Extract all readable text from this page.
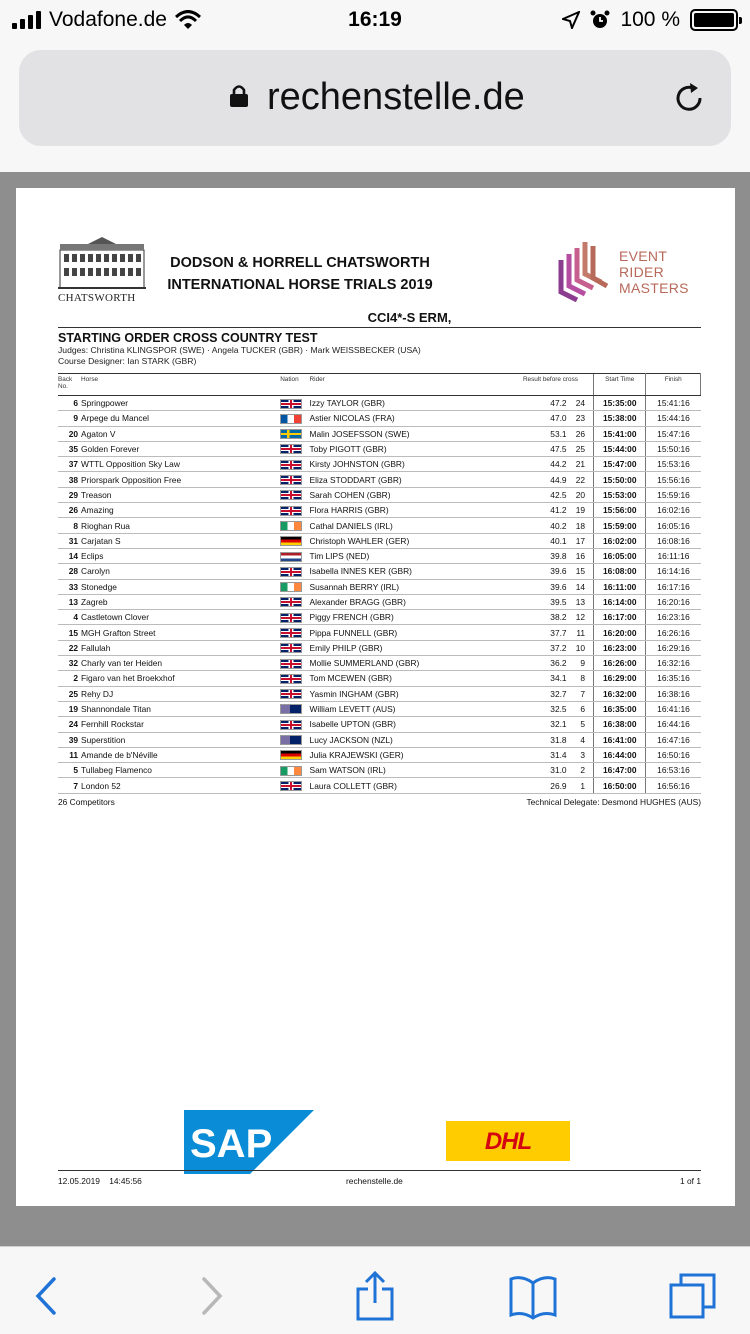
Vodafone.de	16:19	100 %
rechenstelle.de
CHATSWORTH
DODSON & HORRELL CHATSWORTH
INTERNATIONAL HORSE TRIALS 2019
EVENT
RIDER
MASTERS
CCI4*-S ERM,
STARTING ORDER CROSS COUNTRY TEST
Judges: Christina KLINGSPOR (SWE) · Angela TUCKER (GBR) · Mark WEISSBECKER (USA)
Course Designer: Ian STARK (GBR)
Back No.	Horse	Nation	Rider	Result before cross		Start Time	Finish
6	Springpower		Izzy TAYLOR (GBR)	47.2	24	15:35:00	15:41:16
9	Arpege du Mancel		Astier NICOLAS (FRA)	47.0	23	15:38:00	15:44:16
20	Agaton V		Malin JOSEFSSON (SWE)	53.1	26	15:41:00	15:47:16
35	Golden Forever		Toby PIGOTT (GBR)	47.5	25	15:44:00	15:50:16
37	WTTL Opposition Sky Law		Kirsty JOHNSTON (GBR)	44.2	21	15:47:00	15:53:16
38	Priorspark Opposition Free		Eliza STODDART (GBR)	44.9	22	15:50:00	15:56:16
29	Treason		Sarah COHEN (GBR)	42.5	20	15:53:00	15:59:16
26	Amazing		Flora HARRIS (GBR)	41.2	19	15:56:00	16:02:16
8	Rioghan Rua		Cathal DANIELS (IRL)	40.2	18	15:59:00	16:05:16
31	Carjatan S		Christoph WAHLER (GER)	40.1	17	16:02:00	16:08:16
14	Eclips		Tim LIPS (NED)	39.8	16	16:05:00	16:11:16
28	Carolyn		Isabella INNES KER (GBR)	39.6	15	16:08:00	16:14:16
33	Stonedge		Susannah BERRY (IRL)	39.6	14	16:11:00	16:17:16
13	Zagreb		Alexander BRAGG (GBR)	39.5	13	16:14:00	16:20:16
4	Castletown Clover		Piggy FRENCH (GBR)	38.2	12	16:17:00	16:23:16
15	MGH Grafton Street		Pippa FUNNELL (GBR)	37.7	11	16:20:00	16:26:16
22	Fallulah		Emily PHILP (GBR)	37.2	10	16:23:00	16:29:16
32	Charly van ter Heiden		Mollie SUMMERLAND (GBR)	36.2	9	16:26:00	16:32:16
2	Figaro van het Broekxhof		Tom MCEWEN (GBR)	34.1	8	16:29:00	16:35:16
25	Rehy DJ		Yasmin INGHAM (GBR)	32.7	7	16:32:00	16:38:16
19	Shannondale Titan		William LEVETT (AUS)	32.5	6	16:35:00	16:41:16
24	Fernhill Rockstar		Isabelle UPTON (GBR)	32.1	5	16:38:00	16:44:16
39	Superstition		Lucy JACKSON (NZL)	31.8	4	16:41:00	16:47:16
11	Amande de b'Néville		Julia KRAJEWSKI (GER)	31.4	3	16:44:00	16:50:16
5	Tullabeg Flamenco		Sam WATSON (IRL)	31.0	2	16:47:00	16:53:16
7	London 52		Laura COLLETT (GBR)	26.9	1	16:50:00	16:56:16
26 Competitors	Technical Delegate: Desmond HUGHES (AUS)
SAP	DHL
12.05.2019 14:45:56	rechenstelle.de	1 of 1
